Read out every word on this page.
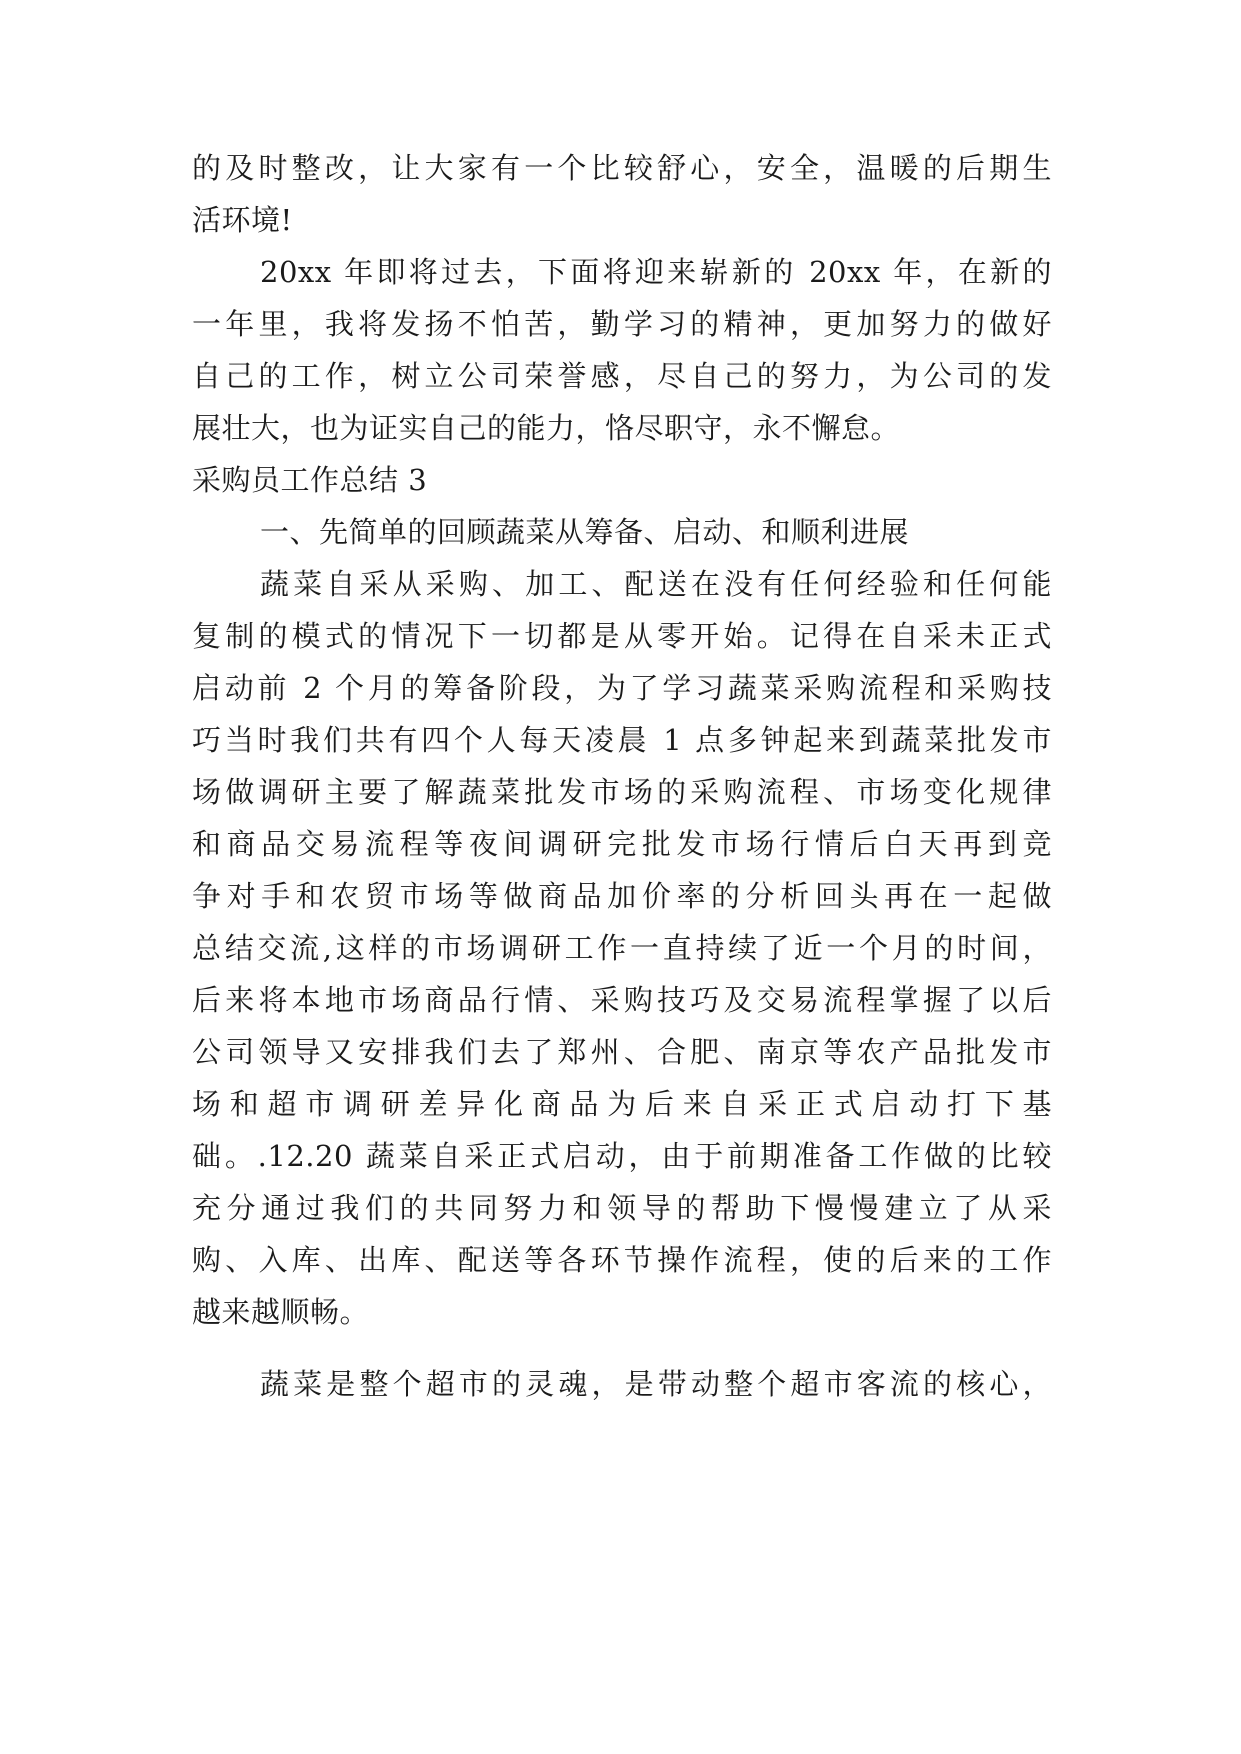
的及时整改，让大家有一个比较舒心，安全，温暖的后期生

活环境!

20xx 年即将过去，下面将迎来崭新的 20xx 年，在新的

一年里，我将发扬不怕苦，勤学习的精神，更加努力的做好

自己的工作，树立公司荣誉感，尽自己的努力，为公司的发

展壮大，也为证实自己的能力，恪尽职守，永不懈怠。

采购员工作总结 3

一、先简单的回顾蔬菜从筹备、启动、和顺利进展

蔬菜自采从采购、加工、配送在没有任何经验和任何能

复制的模式的情况下一切都是从零开始。记得在自采未正式

启动前 2 个月的筹备阶段，为了学习蔬菜采购流程和采购技

巧当时我们共有四个人每天凌晨 1 点多钟起来到蔬菜批发市

场做调研主要了解蔬菜批发市场的采购流程、市场变化规律

和商品交易流程等夜间调研完批发市场行情后白天再到竞

争对手和农贸市场等做商品加价率的分析回头再在一起做

总结交流,这样的市场调研工作一直持续了近一个月的时间，

后来将本地市场商品行情、采购技巧及交易流程掌握了以后

公司领导又安排我们去了郑州、合肥、南京等农产品批发市

场和超市调研差异化商品为后来自采正式启动打下基

础。.12.20 蔬菜自采正式启动，由于前期准备工作做的比较

充分通过我们的共同努力和领导的帮助下慢慢建立了从采

购、入库、出库、配送等各环节操作流程，使的后来的工作

越来越顺畅。

蔬菜是整个超市的灵魂，是带动整个超市客流的核心，
